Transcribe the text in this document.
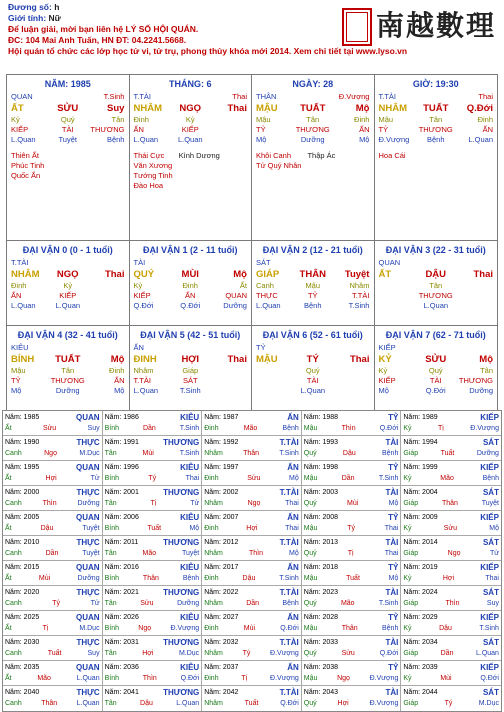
Đương số: h
Giới tính: Nữ
Để luận giải, mời bạn liên hệ LÝ SỐ HỘI QUÁN.
ĐC: 104 Mai Anh Tuấn, HN ĐT: 04.2241.5668.
Hội quán tổ chức các lớp học tử vi, tử trụ, phong thủy khóa mới 2014. Xem chi tiết tại www.lyso.vn
南越數理
NĂM: 1985
QUAN	T.Sinh
ẤT	SỬU	Suy
Kỷ	Quý	Tân
KIẾP	TÀI	THƯƠNG
L.Quan	Tuyệt	Bệnh
Thiên Ất
Phúc Tinh
Quốc Ấn
THÁNG: 6
T.TÀI	Thai
NHÂM	NGỌ	Thai
Đinh	Kỷ
ẤN	KIẾP
L.Quan	L.Quan
Thái Cực
Văn Xương
Tướng Tinh
Đào Hoa
Kình Dương
NGÀY: 28
THÂN	Đ.Vượng
MẬU	TUẤT	Mộ
Mậu	Tân	Đinh
TỶ	THƯƠNG	ẤN
Mộ	Dưỡng	Mộ
Khôi Canh
Tử Quý Nhân
Thập Ác
GIỜ: 19:30
T.TÀI	Thai
NHÂM	TUẤT	Q.Đới
Mậu	Tân	Đinh
TỶ	THƯƠNG	ẤN
Đ.Vượng	Bệnh	L.Quan
Hoa Cái
ĐẠI VẬN 0 (0 - 1 tuổi)
T.TÀI
NHÂM	NGỌ	Thai
Đinh	Kỷ
ẤN	KIẾP
L.Quan	L.Quan
ĐẠI VẬN 1 (2 - 11 tuổi)
TÀI
QUÝ	MÙI	Mộ
Kỷ	Đinh	Ất
KIẾP	ẤN	QUAN
Q.Đới	Q.Đới	Dưỡng
ĐẠI VẬN 2 (12 - 21 tuổi)
SÁT
GIÁP	THÂN	Tuyệt
Canh	Mậu	Nhâm
THỰC	TỶ	T.TÀI
L.Quan	Bệnh	T.Sinh
ĐẠI VẬN 3 (22 - 31 tuổi)
QUAN
ẤT	DẬU	Thai
Tân
THƯƠNG
L.Quan
ĐẠI VẬN 4 (32 - 41 tuổi)
KIÊU
BÍNH	TUẤT	Mộ
Mậu	Tân	Đinh
TỶ	THƯƠNG	ẤN
Mộ	Dưỡng	Mộ
ĐẠI VẬN 5 (42 - 51 tuổi)
ẤN
ĐINH	HỢI	Thai
Nhâm	Giáp
T.TÀI	SÁT
L.Quan	T.Sinh
ĐẠI VẬN 6 (52 - 61 tuổi)
TỶ
MẬU	TÝ	Thai
Quý
TÀI
L.Quan
ĐẠI VẬN 7 (62 - 71 tuổi)
KIẾP
KỶ	SỬU	Mộ
Kỷ	Quý	Tân
KIẾP	TÀI	THƯƠNG
Mộ	Q.Đới	Dưỡng
Năm: 1985	QUAN
Ất	Sửu	Suy
Năm: 1986	KIÊU
Bính	Dần	T.Sinh
Năm: 1987	ẤN
Đinh	Mão	Bệnh
Năm: 1988	TỶ
Mậu	Thìn	Q.Đới
Năm: 1989	KIẾP
Kỷ	Tị	Đ.Vượng
Năm: 1990	THỰC
Canh	Ngọ	M.Dục
Năm: 1991	THƯƠNG
Tân	Mùi	T.Sinh
Năm: 1992	T.TÀI
Nhâm	Thân	T.Sinh
Năm: 1993	TÀI
Quý	Dậu	Bệnh
Năm: 1994	SÁT
Giáp	Tuất	Dưỡng
Năm: 1995	QUAN
Ất	Hợi	Tử
Năm: 1996	KIÊU
Bính	Tý	Thai
Năm: 1997	ẤN
Đinh	Sửu	Mộ
Năm: 1998	TỶ
Mậu	Dần	T.Sinh
Năm: 1999	KIẾP
Kỷ	Mão	Bệnh
Năm: 2000	THỰC
Canh	Thìn	Dưỡng
Năm: 2001	THƯƠNG
Tân	Tị	Tử
Năm: 2002	T.TÀI
Nhâm	Ngọ	Thai
Năm: 2003	TÀI
Quý	Mùi	Mộ
Năm: 2004	SÁT
Giáp	Thân	Tuyệt
Năm: 2005	QUAN
Ất	Dậu	Tuyệt
Năm: 2006	KIÊU
Bính	Tuất	Mộ
Năm: 2007	ẤN
Đinh	Hợi	Thai
Năm: 2008	TỶ
Mậu	Tý	Thai
Năm: 2009	KIẾP
Kỷ	Sửu	Mộ
Năm: 2010	THỰC
Canh	Dần	Tuyệt
Năm: 2011	THƯƠNG
Tân	Mão	Tuyệt
Năm: 2012	T.TÀI
Nhâm	Thìn	Mộ
Năm: 2013	TÀI
Quý	Tị	Thai
Năm: 2014	SÁT
Giáp	Ngọ	Tử
Năm: 2015	QUAN
Ất	Mùi	Dưỡng
Năm: 2016	KIÊU
Bính	Thân	Bệnh
Năm: 2017	ẤN
Đinh	Dậu	T.Sinh
Năm: 2018	TỶ
Mậu	Tuất	Mộ
Năm: 2019	KIẾP
Kỷ	Hợi	Thai
Năm: 2020	THỰC
Canh	Tý	Tử
Năm: 2021	THƯƠNG
Tân	Sửu	Dưỡng
Năm: 2022	T.TÀI
Nhâm	Dần	Bệnh
Năm: 2023	TÀI
Quý	Mão	T.Sinh
Năm: 2024	SÁT
Giáp	Thìn	Suy
Năm: 2025	QUAN
Ất	Tị	M.Dục
Năm: 2026	KIÊU
Bính	Ngọ	Đ.Vượng
Năm: 2027	ẤN
Đinh	Mùi	Q.Đới
Năm: 2028	TỶ
Mậu	Thân	Bệnh
Năm: 2029	KIẾP
Kỷ	Dậu	T.Sinh
Năm: 2030	THỰC
Canh	Tuất	Suy
Năm: 2031	THƯƠNG
Tân	Hợi	M.Dục
Năm: 2032	T.TÀI
Nhâm	Tý	Đ.Vượng
Năm: 2033	TÀI
Quý	Sửu	Q.Đới
Năm: 2034	SÁT
Giáp	Dần	L.Quan
Năm: 2035	QUAN
Ất	Mão	L.Quan
Năm: 2036	KIÊU
Bính	Thìn	Q.Đới
Năm: 2037	ẤN
Đinh	Tị	Đ.Vượng
Năm: 2038	TỶ
Mậu	Ngọ	Đ.Vượng
Năm: 2039	KIẾP
Kỷ	Mùi	Q.Đới
Năm: 2040	THỰC
Canh	Thân	L.Quan
Năm: 2041	THƯƠNG
Tân	Dậu	L.Quan
Năm: 2042	T.TÀI
Nhâm	Tuất	Q.Đới
Năm: 2043	TÀI
Quý	Hợi	Đ.Vượng
Năm: 2044	SÁT
Giáp	Tý	M.Dục
